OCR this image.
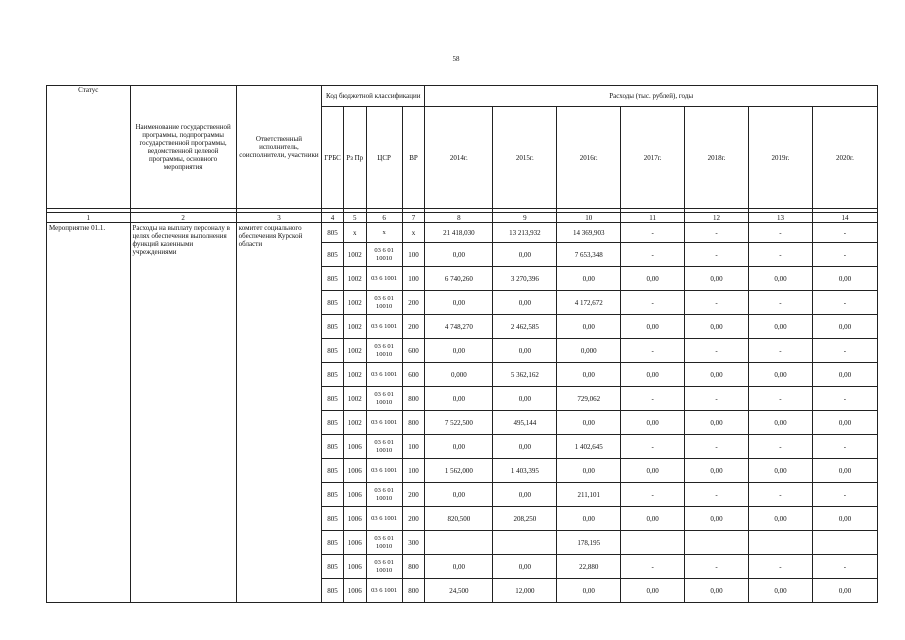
58
Статус	Наименование государственной программы, подпрограммы государственной программы, ведомственной целевой программы, основного мероприятия	Ответственный исполнитель, соисполнители, участники	Код бюджетной классификации				Расходы (тыс. рублей), годы						
			ГРБС	Рз Пр	ЦСР	ВР	2014г.	2015г.	2016г.	2017г.	2018г.	2019г.	2020г.

1	2	3	4	5	6	7	8	9	10	11	12	13	14
Мероприятие 01.1.	Расходы на выплату персоналу в целях обеспечения выполнения функций казенными учреждениями	комитет социального обеспечения Курской области	805	x	x	x	21 418,030	13 213,932	14 369,903	-	-	-	-
			805	1002	03 6 01 10010	100	0,00	0,00	7 653,348	-	-	-	-
			805	1002	03 6 1001	100	6 740,260	3 270,396	0,00	0,00	0,00	0,00	0,00
			805	1002	03 6 01 10010	200	0,00	0,00	4 172,672	-	-	-	-
			805	1002	03 6 1001	200	4 748,270	2 462,585	0,00	0,00	0,00	0,00	0,00
			805	1002	03 6 01 10010	600	0,00	0,00	0,000	-	-	-	-
			805	1002	03 6 1001	600	0,000	5 362,162	0,00	0,00	0,00	0,00	0,00
			805	1002	03 6 01 10010	800	0,00	0,00	729,062	-	-	-	-
			805	1002	03 6 1001	800	7 522,500	495,144	0,00	0,00	0,00	0,00	0,00
			805	1006	03 6 01 10010	100	0,00	0,00	1 402,645	-	-	-	-
			805	1006	03 6 1001	100	1 562,000	1 403,395	0,00	0,00	0,00	0,00	0,00
			805	1006	03 6 01 10010	200	0,00	0,00	211,101	-	-	-	-
			805	1006	03 6 1001	200	820,500	208,250	0,00	0,00	0,00	0,00	0,00
			805	1006	03 6 01 10010	300			178,195				
			805	1006	03 6 01 10010	800	0,00	0,00	22,880	-	-	-	-
			805	1006	03 6 1001	800	24,500	12,000	0,00	0,00	0,00	0,00	0,00
